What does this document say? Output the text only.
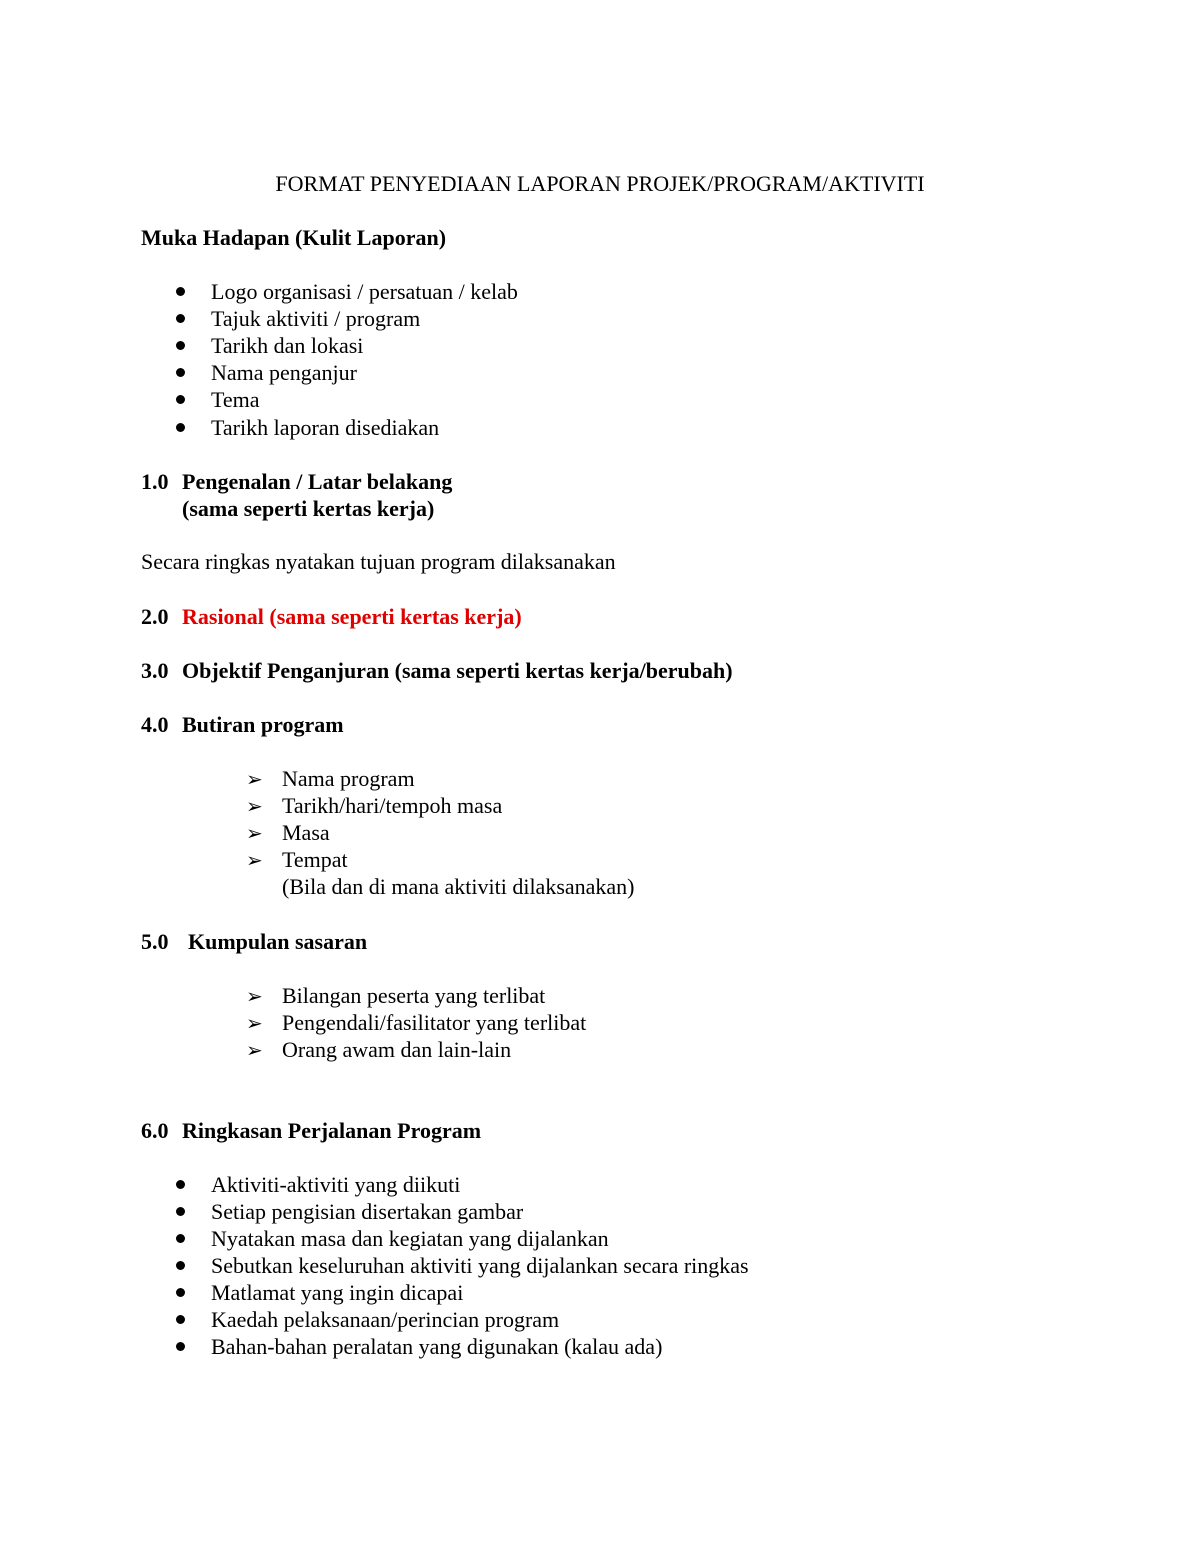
FORMAT PENYEDIAAN LAPORAN PROJEK/PROGRAM/AKTIVITI
Muka Hadapan (Kulit Laporan)
Logo organisasi / persatuan / kelab
Tajuk aktiviti / program
Tarikh dan lokasi
Nama penganjur
Tema
Tarikh laporan disediakan
1.0 Pengenalan / Latar belakang
(sama seperti kertas kerja)
Secara ringkas nyatakan tujuan program dilaksanakan
2.0 Rasional (sama seperti kertas kerja)
3.0 Objektif Penganjuran (sama seperti kertas kerja/berubah)
4.0 Butiran program
➢ Nama program
➢ Tarikh/hari/tempoh masa
➢ Masa
➢ Tempat
(Bila dan di mana aktiviti dilaksanakan)
5.0 Kumpulan sasaran
➢ Bilangan peserta yang terlibat
➢ Pengendali/fasilitator yang terlibat
➢ Orang awam dan lain-lain
6.0 Ringkasan Perjalanan Program
Aktiviti-aktiviti yang diikuti
Setiap pengisian disertakan gambar
Nyatakan masa dan kegiatan yang dijalankan
Sebutkan keseluruhan aktiviti yang dijalankan secara ringkas
Matlamat yang ingin dicapai
Kaedah pelaksanaan/perincian program
Bahan-bahan peralatan yang digunakan (kalau ada)
